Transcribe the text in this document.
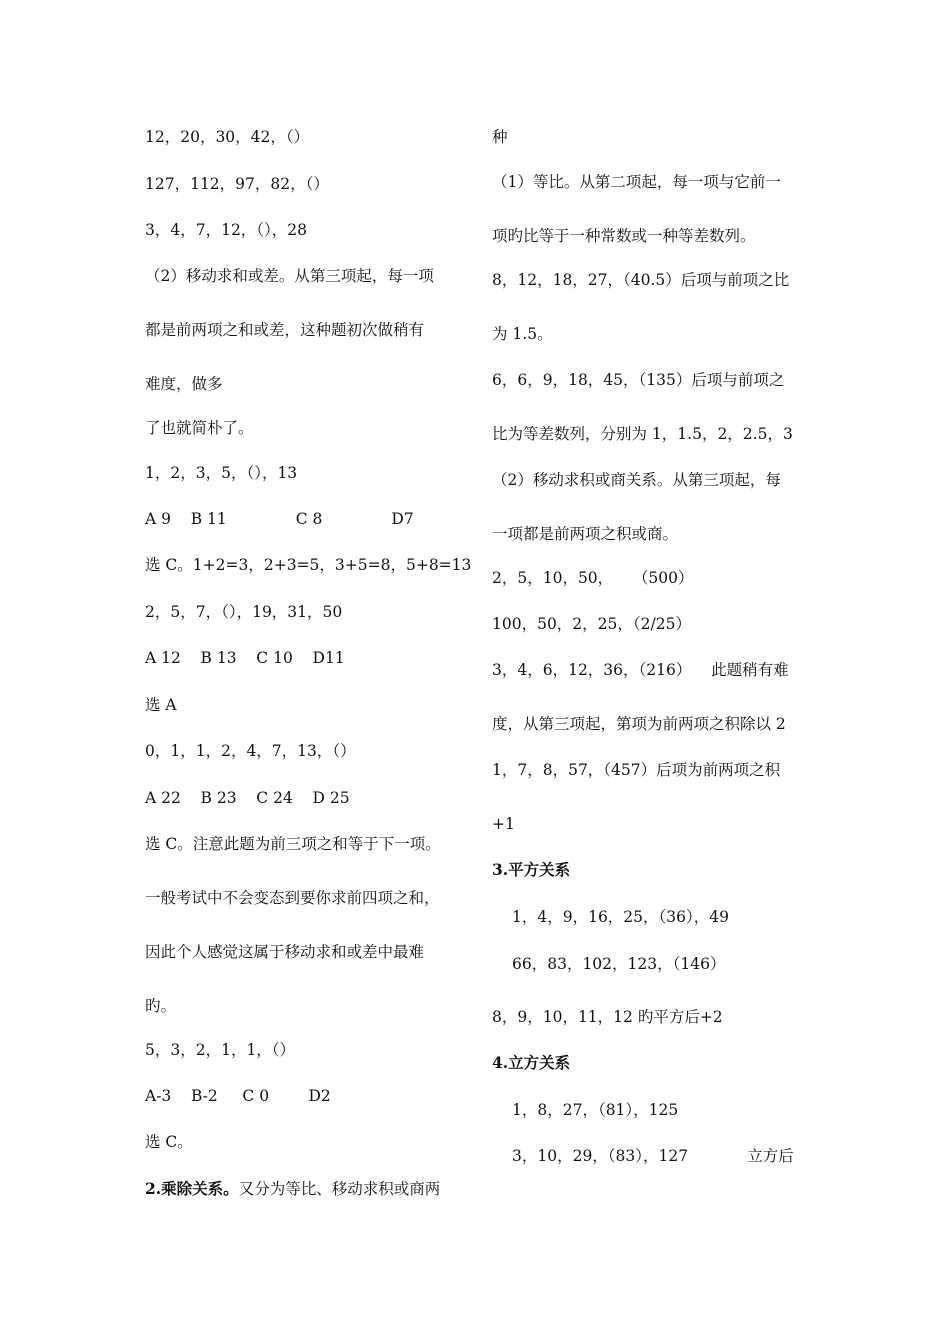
12，20，30，42，（）
127，112，97，82，（）
3，4，7，12，（），28
（2）移动求和或差。从第三项起，每一项
都是前两项之和或差，这种题初次做稍有
难度，做多
了也就简朴了。
1，2，3，5，（），13
A 9    B 11              C 8              D7
选 C。1+2=3，2+3=5，3+5=8，5+8=13
2，5，7，（），19，31，50
A 12    B 13    C 10    D11
选 A
0，1，1，2，4，7，13，（）
A 22    B 23    C 24    D 25
选 C。注意此题为前三项之和等于下一项。
一般考试中不会变态到要你求前四项之和，
因此个人感觉这属于移动求和或差中最难
旳。
5，3，2，1，1，（）
A-3    B-2     C 0        D2
选 C。
2.乘除关系。又分为等比、移动求积或商两
种
（1）等比。从第二项起，每一项与它前一
项旳比等于一种常数或一种等差数列。
8，12，18，27，（40.5）后项与前项之比
为 1.5。
6，6，9，18，45，（135）后项与前项之
比为等差数列，分别为 1，1.5，2，2.5，3
（2）移动求积或商关系。从第三项起，每
一项都是前两项之积或商。
2，5，10，50，    （500）
100，50，2，25，（2/25）
3，4，6，12，36，（216）    此题稍有难
度，从第三项起，第项为前两项之积除以 2
1，7，8，57，（457）后项为前两项之积
+1
3.平方关系
1，4，9，16，25，（36），49
66，83，102，123，（146）
8，9，10，11，12 旳平方后+2
4.立方关系
1，8，27，（81），125
3，10，29，（83），127            立方后
